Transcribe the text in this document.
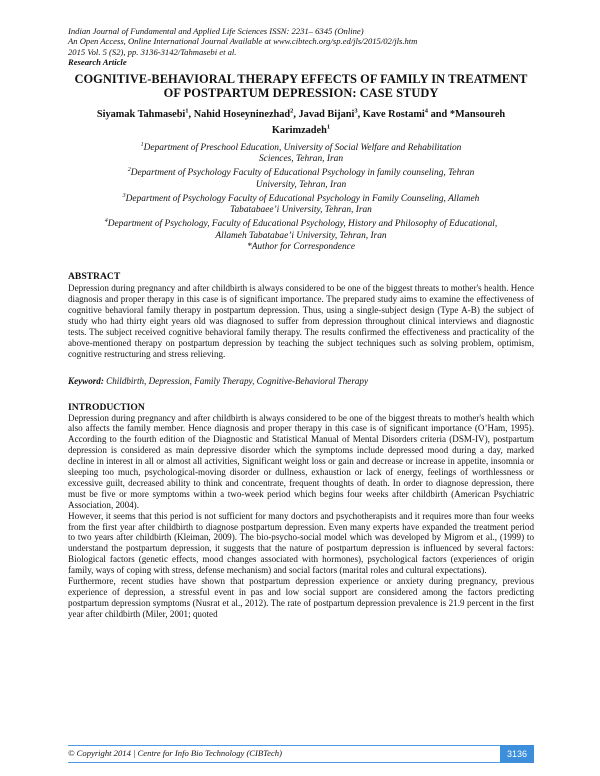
Indian Journal of Fundamental and Applied Life Sciences ISSN: 2231– 6345 (Online)
An Open Access, Online International Journal Available at www.cibtech.org/sp.ed/jls/2015/02/jls.htm
2015 Vol. 5 (S2), pp. 3136-3142/Tahmasebi et al.
Research Article
COGNITIVE-BEHAVIORAL THERAPY EFFECTS OF FAMILY IN TREATMENT OF POSTPARTUM DEPRESSION: CASE STUDY
Siyamak Tahmasebi$^1$, Nahid Hoseyninezhad$^2$, Javad Bijani$^3$, Kave Rostami$^4$ and *Mansoureh Karimzadeh$^1$
$^1$Department of Preschool Education, University of Social Welfare and Rehabilitation
Sciences, Tehran, Iran
$^2$Department of Psychology Faculty of Educational Psychology in family counseling, Tehran
University, Tehran, Iran
$^3$Department of Psychology Faculty of Educational Psychology in Family Counseling, Allameh
Tabatabaee’i University, Tehran, Iran
$^4$Department of Psychology, Faculty of Educational Psychology, History and Philosophy of Educational,
Allameh Tabatabae’i University, Tehran, Iran
*Author for Correspondence
ABSTRACT

Depression during pregnancy and after childbirth is always considered to be one of the biggest threats to mother's health. Hence diagnosis and proper therapy in this case is of significant importance. The prepared study aims to examine the effectiveness of cognitive behavioral family therapy in postpartum depression. Thus, using a single-subject design (Type A-B) the subject of study who had thirty eight years old was diagnosed to suffer from depression throughout clinical interviews and diagnostic tests. The subject received cognitive behavioral family therapy. The results confirmed the effectiveness and practicality of the above-mentioned therapy on postpartum depression by teaching the subject techniques such as solving problem, optimism, cognitive restructuring and stress relieving.

Keyword: Childbirth, Depression, Family Therapy, Cognitive-Behavioral Therapy
INTRODUCTION

Depression during pregnancy and after childbirth is always considered to be one of the biggest threats to mother's health which also affects the family member. Hence diagnosis and proper therapy in this case is of significant importance (O’Ham, 1995). According to the fourth edition of the Diagnostic and Statistical Manual of Mental Disorders criteria (DSM-IV), postpartum depression is considered as main depressive disorder which the symptoms include depressed mood during a day, marked decline in interest in all or almost all activities, Significant weight loss or gain and decrease or increase in appetite, insomnia or sleeping too much, psychological-moving disorder or dullness, exhaustion or lack of energy, feelings of worthlessness or excessive guilt, decreased ability to think and concentrate, frequent thoughts of death. In order to diagnose depression, there must be five or more symptoms within a two-week period which begins four weeks after childbirth (American Psychiatric Association, 2004).

However, it seems that this period is not sufficient for many doctors and psychotherapists and it requires more than four weeks from the first year after childbirth to diagnose postpartum depression. Even many experts have expanded the treatment period to two years after childbirth (Kleiman, 2009). The bio-psycho-social model which was developed by Migrom et al., (1999) to understand the postpartum depression, it suggests that the nature of postpartum depression is influenced by several factors: Biological factors (genetic effects, mood changes associated with hormones), psychological factors (experiences of origin family, ways of coping with stress, defense mechanism) and social factors (marital roles and cultural expectations).

Furthermore, recent studies have shown that postpartum depression experience or anxiety during pregnancy, previous experience of depression, a stressful event in pas and low social support are considered among the factors predicting postpartum depression symptoms (Nusrat et al., 2012). The rate of postpartum depression prevalence is 21.9 percent in the first year after childbirth (Miler, 2001; quoted

© Copyright 2014 | Centre for Info Bio Technology (CIBTech)	3136
